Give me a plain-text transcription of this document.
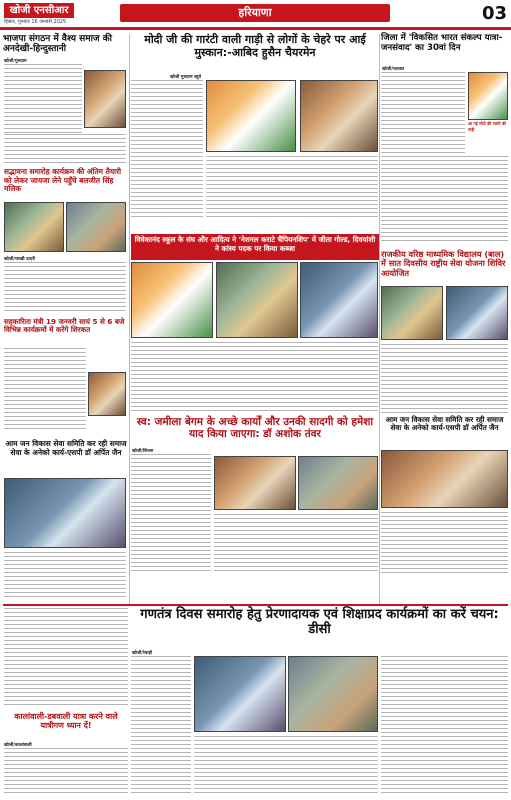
खोजी एनसीआर
हिसार, गुरुवार 16 जनवरी 2025
हरियाणा	03
भाजपा संगठन में वैश्य समाज की अनदेखी-हिन्दुस्तानी
खोजी/गुरुग्राम
सद्भावना समारोह कार्यक्रम की अंतिम तैयारी को लेकर जायजा लेने पहुँचे बलजीत सिंह मलिक
खोजी/चरखी दादरी
सहकारिता मंत्री 19 जनवरी सायं 5 से 6 बजे विभिन्न कार्यक्रमों में करेंगे शिरकत
आम जन विकास सेवा समिति कर रही समाज सेवा के अनेको कार्य-एसपी डॉ अर्पित जैन
मोदी जी की गारंटी वाली गाड़ी से लोगों के चेहरे पर आई मुस्कान:-आबिद हुसैन चैयरमेन
खोजी गुरुग्राम ब्यूरो
विवेकानंद स्कूल के संघ और आदित्य ने 'नेशनल कराटे चैंपियनशिप' में जीता गोल्ड, दिवयांशी ने कांस्य पदक पर किया कब्जा
स्व: जमीला बेगम के अच्छे कार्यों और उनकी सादगी को हमेशा याद किया जाएगा: डॉ अशोक तंवर
खोजी/सिरसा
जिला में 'विकसित भारत संकल्प यात्रा-जनसंवाद' का 30वां दिन
खोजी/पलवल
आ गई मोदी की गारंटी की गाड़ी
राजकीय वरिष्ठ माध्यमिक विद्यालय (बाल) में सात दिवसीय राष्ट्रीय सेवा योजना शिविर आयोजित
आम जन विकास सेवा समिति कर रही समाज सेवा के अनेको कार्य-एसपी डॉ अर्पित जैन
गणतंत्र दिवस समारोह हेतु प्रेरणादायक एवं शिक्षाप्रद कार्यक्रमों का करें चयन: डीसी
खोजी/रेवाड़ी
कालांवाली-डबवाली यात्रा करने वाले यात्रीगण ध्यान दें!
खोजी/कालांवाली
